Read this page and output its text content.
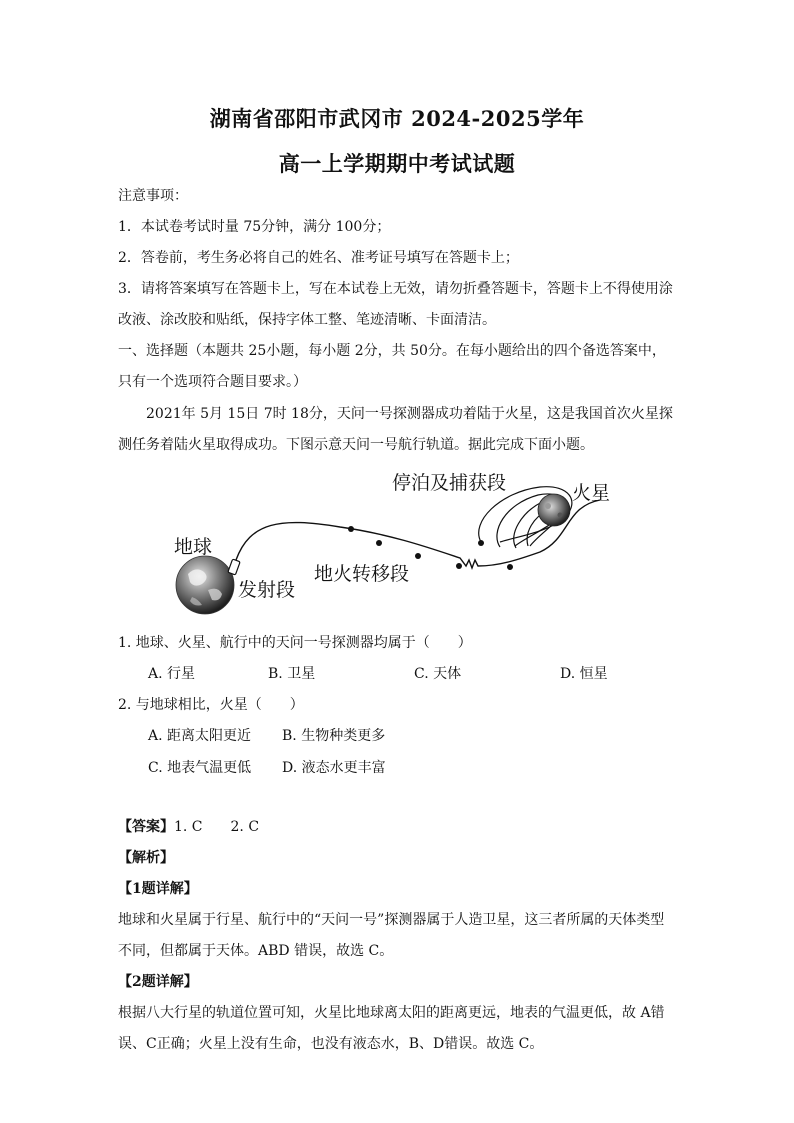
湖南省邵阳市武冈市 2024-2025学年
高一上学期期中考试试题
注意事项：
1．本试卷考试时量 75分钟，满分 100分；
2．答卷前，考生务必将自己的姓名、准考证号填写在答题卡上；
3．请将答案填写在答题卡上，写在本试卷上无效，请勿折叠答题卡，答题卡上不得使用涂
改液、涂改胶和贴纸，保持字体工整、笔迹清晰、卡面清洁。
一、选择题（本题共 25小题，每小题 2分，共 50分。在每小题给出的四个备选答案中，
只有一个选项符合题目要求。）
2021年 5月 15日 7时 18分，天问一号探测器成功着陆于火星，这是我国首次火星探
测任务着陆火星取得成功。下图示意天问一号航行轨道。据此完成下面小题。
停泊及捕获段	火星
地球
发射段
地火转移段
1. 地球、火星、航行中的天问一号探测器均属于（　　）
A. 行星	B. 卫星	C. 天体	D. 恒星
2. 与地球相比，火星（　　）
A. 距离太阳更近 B. 生物种类更多
C. 地表气温更低 D. 液态水更丰富
【答案】1. C　　2. C
【解析】
【1题详解】
地球和火星属于行星、航行中的“天问一号”探测器属于人造卫星，这三者所属的天体类型
不同，但都属于天体。ABD 错误，故选 C。
【2题详解】
根据八大行星的轨道位置可知，火星比地球离太阳的距离更远，地表的气温更低，故 A错
误、C正确；火星上没有生命，也没有液态水，B、D错误。故选 C。
